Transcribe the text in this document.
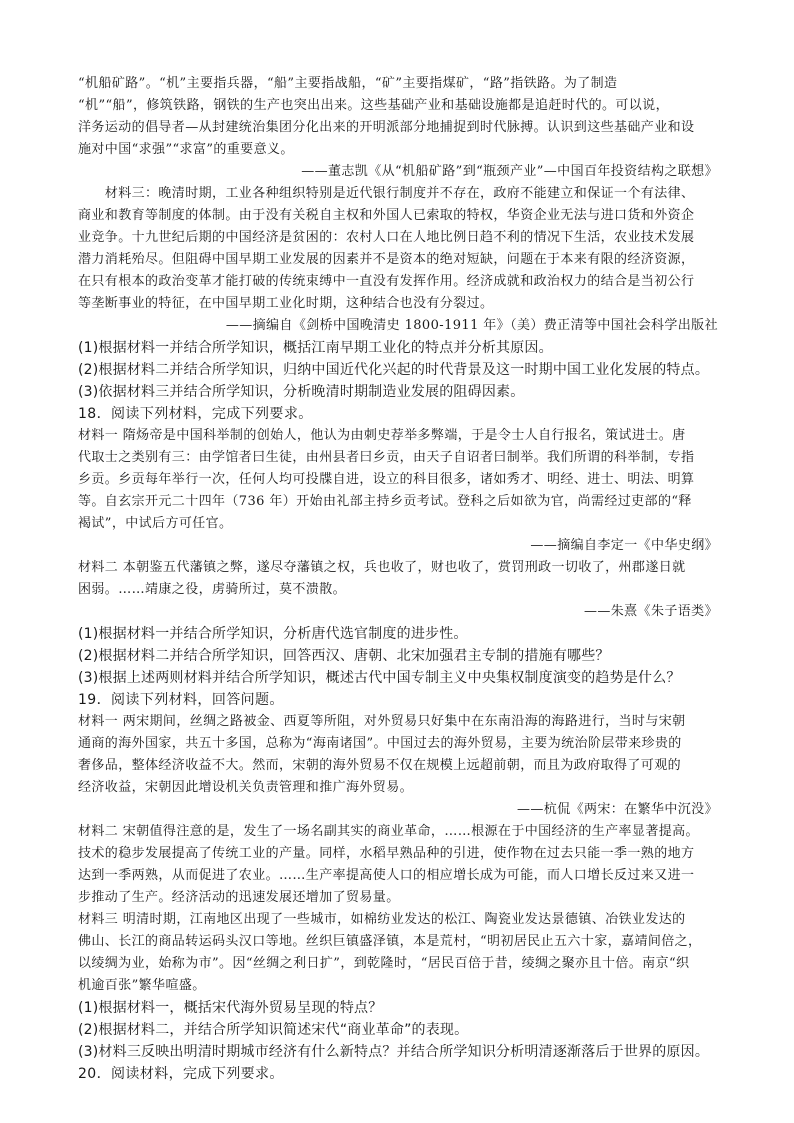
“机船矿路”。“机”主要指兵器，“船”主要指战船，“矿”主要指煤矿，“路”指铁路。为了制造
“机”“船”，修筑铁路，钢铁的生产也突出出来。这些基础产业和基础设施都是追赶时代的。可以说，
洋务运动的倡导者—从封建统治集团分化出来的开明派部分地捕捉到时代脉搏。认识到这些基础产业和设
施对中国“求强”“求富”的重要意义。
——董志凯《从“机船矿路”到“瓶颈产业”—中国百年投资结构之联想》
　　材料三：晚清时期，工业各种组织特别是近代银行制度并不存在，政府不能建立和保证一个有法律、
商业和教育等制度的体制。由于没有关税自主权和外国人已索取的特权，华资企业无法与进口货和外资企
业竞争。十九世纪后期的中国经济是贫困的：农村人口在人地比例日趋不利的情况下生活，农业技术发展
潜力消耗殆尽。但阻碍中国早期工业发展的因素并不是资本的绝对短缺，问题在于本来有限的经济资源，
在只有根本的政治变革才能打破的传统束缚中一直没有发挥作用。经济成就和政治权力的结合是当初公行
等垄断事业的特征，在中国早期工业化时期，这种结合也没有分裂过。
——摘编自《剑桥中国晚清史 1800-1911 年》（美）费正清等中国社会科学出版社
(1)根据材料一并结合所学知识，概括江南早期工业化的特点并分析其原因。
(2)根据材料二并结合所学知识，归纳中国近代化兴起的时代背景及这一时期中国工业化发展的特点。
(3)依据材料三并结合所学知识，分析晚清时期制造业发展的阻碍因素。
18．阅读下列材料，完成下列要求。
材料一 隋炀帝是中国科举制的创始人，他认为由刺史荐举多弊端，于是令士人自行报名，策试进士。唐
代取士之类别有三：由学馆者曰生徒，由州县者曰乡贡，由天子自诏者曰制举。我们所谓的科举制，专指
乡贡。乡贡每年举行一次，任何人均可投牒自进，设立的科目很多，诸如秀才、明经、进士、明法、明算
等。自玄宗开元二十四年（736 年）开始由礼部主持乡贡考试。登科之后如欲为官，尚需经过吏部的“释
褐试”，中试后方可任官。
——摘编自李定一《中华史纲》
材料二 本朝鉴五代藩镇之弊，遂尽夺藩镇之权，兵也收了，财也收了，赏罚刑政一切收了，州郡遂日就
困弱。……靖康之役，虏骑所过，莫不溃散。
——朱熹《朱子语类》
(1)根据材料一并结合所学知识，分析唐代选官制度的进步性。
(2)根据材料二并结合所学知识，回答西汉、唐朝、北宋加强君主专制的措施有哪些？
(3)根据上述两则材料并结合所学知识，概述古代中国专制主义中央集权制度演变的趋势是什么？
19．阅读下列材料，回答问题。
材料一 两宋期间，丝绸之路被金、西夏等所阻，对外贸易只好集中在东南沿海的海路进行，当时与宋朝
通商的海外国家，共五十多国，总称为“海南诸国”。中国过去的海外贸易，主要为统治阶层带来珍贵的
奢侈品，整体经济收益不大。然而，宋朝的海外贸易不仅在规模上远超前朝，而且为政府取得了可观的
经济收益，宋朝因此增设机关负责管理和推广海外贸易。
——杭侃《两宋：在繁华中沉没》
材料二 宋朝值得注意的是，发生了一场名副其实的商业革命，……根源在于中国经济的生产率显著提高。
技术的稳步发展提高了传统工业的产量。同样，水稻早熟品种的引进，使作物在过去只能一季一熟的地方
达到一季两熟，从而促进了农业。……生产率提高使人口的相应增长成为可能，而人口增长反过来又进一
步推动了生产。经济活动的迅速发展还增加了贸易量。
材料三 明清时期，江南地区出现了一些城市，如棉纺业发达的松江、陶瓷业发达景德镇、冶铁业发达的
佛山、长江的商品转运码头汉口等地。丝织巨镇盛泽镇，本是荒村，“明初居民止五六十家，嘉靖间倍之，
以绫绸为业，始称为市”。因“丝绸之利日扩”，到乾隆时，“居民百倍于昔，绫绸之聚亦且十倍。南京“织
机逾百张”繁华喧盛。
(1)根据材料一，概括宋代海外贸易呈现的特点？
(2)根据材料二，并结合所学知识简述宋代“商业革命”的表现。
(3)材料三反映出明清时期城市经济有什么新特点？并结合所学知识分析明清逐渐落后于世界的原因。
20．阅读材料，完成下列要求。
